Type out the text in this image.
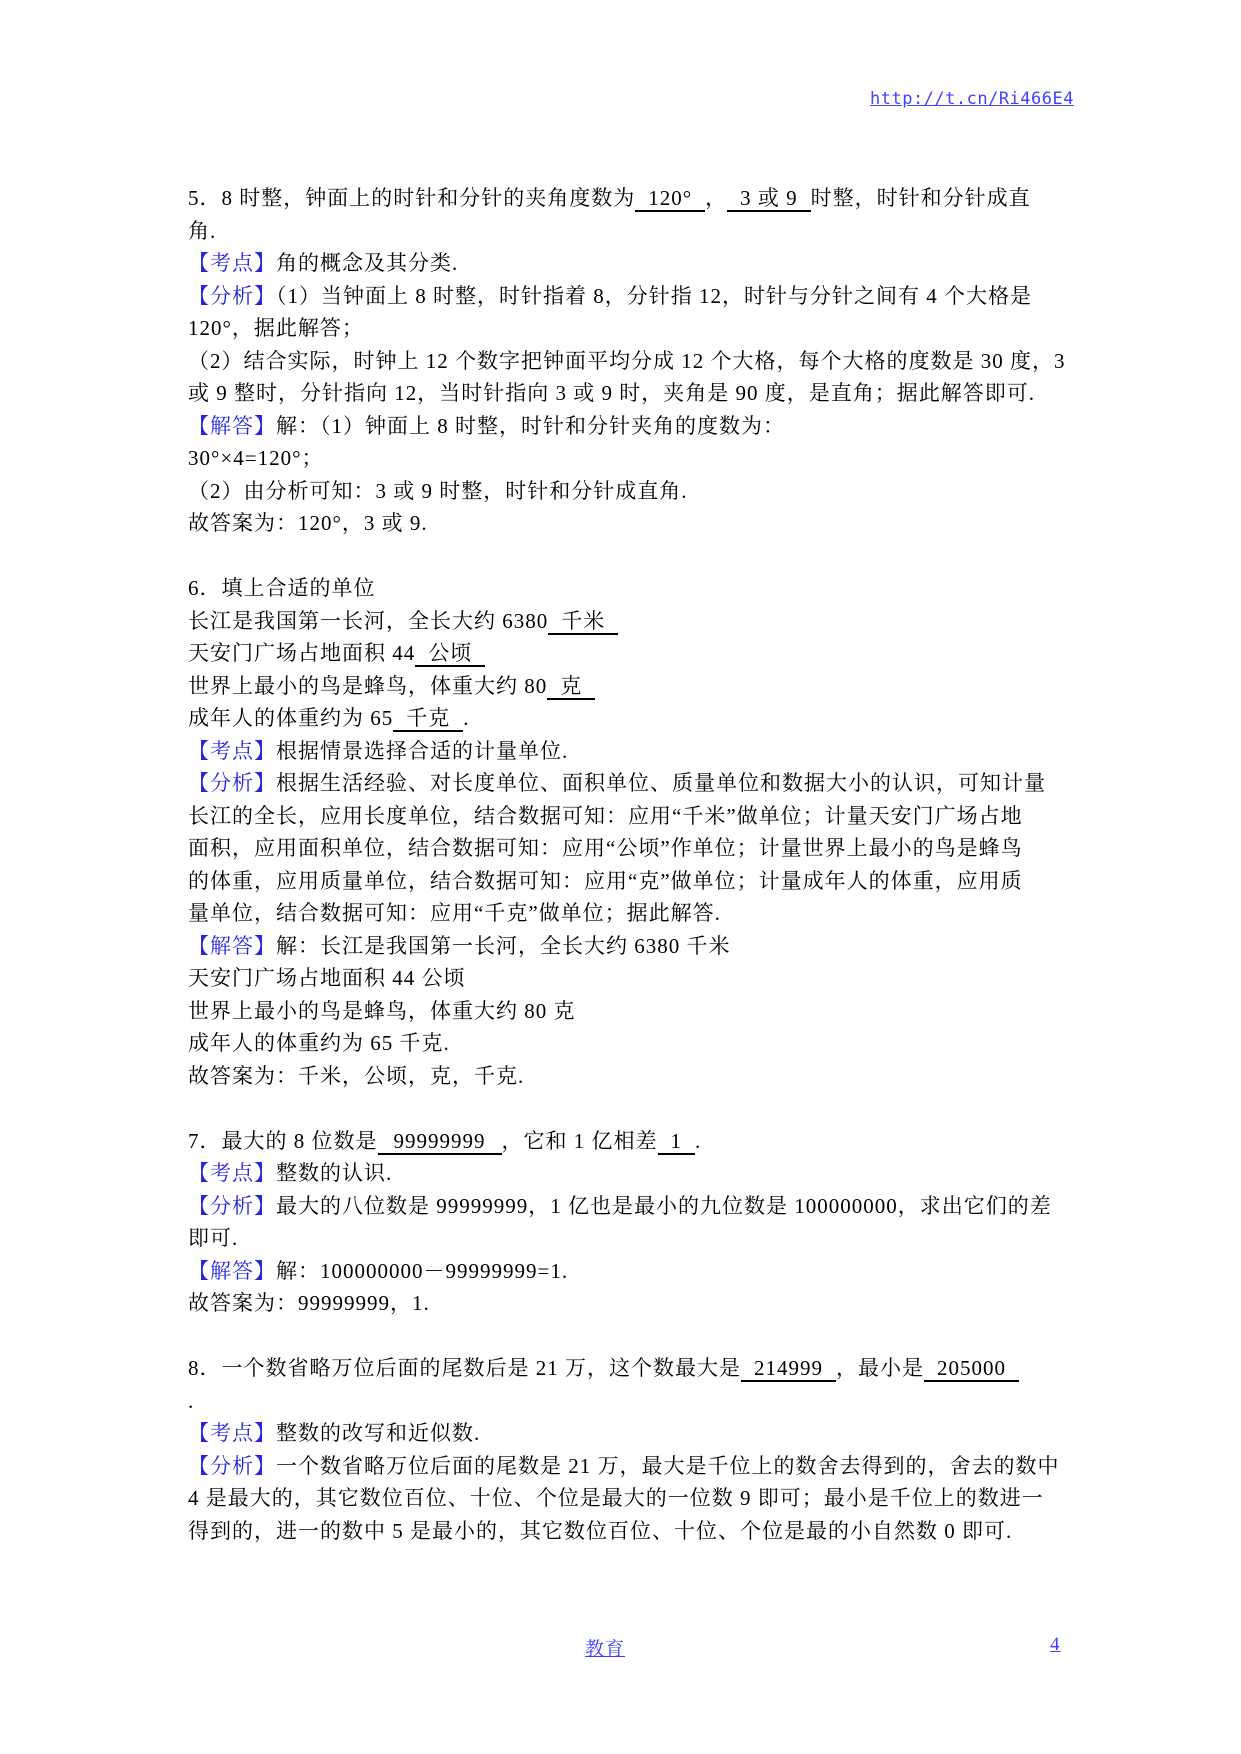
http://t.cn/Ri466E4
5．8 时整，钟面上的时针和分针的夹角度数为 120° ， 3 或 9 时整，时针和分针成直
角.
【考点】角的概念及其分类.
【分析】（1）当钟面上 8 时整，时针指着 8，分针指 12，时针与分针之间有 4 个大格是
120°，据此解答；
（2）结合实际，时钟上 12 个数字把钟面平均分成 12 个大格，每个大格的度数是 30 度，3
或 9 整时，分针指向 12，当时针指向 3 或 9 时，夹角是 90 度，是直角；据此解答即可.
【解答】解：（1）钟面上 8 时整，时针和分针夹角的度数为：
30°×4=120°；
（2）由分析可知：3 或 9 时整，时针和分针成直角.
故答案为：120°，3 或 9.
6．填上合适的单位
长江是我国第一长河，全长大约 6380 千米
天安门广场占地面积 44 公顷
世界上最小的鸟是蜂鸟，体重大约 80 克
成年人的体重约为 65 千克 .
【考点】根据情景选择合适的计量单位.
【分析】根据生活经验、对长度单位、面积单位、质量单位和数据大小的认识，可知计量
长江的全长，应用长度单位，结合数据可知：应用“千米”做单位；计量天安门广场占地
面积，应用面积单位，结合数据可知：应用“公顷”作单位；计量世界上最小的鸟是蜂鸟
的体重，应用质量单位，结合数据可知：应用“克”做单位；计量成年人的体重，应用质
量单位，结合数据可知：应用“千克”做单位；据此解答.
【解答】解：长江是我国第一长河，全长大约 6380 千米
天安门广场占地面积 44 公顷
世界上最小的鸟是蜂鸟，体重大约 80 克
成年人的体重约为 65 千克.
故答案为：千米，公顷，克，千克.
7．最大的 8 位数是 99999999 ，它和 1 亿相差 1 .
【考点】整数的认识.
【分析】最大的八位数是 99999999，1 亿也是最小的九位数是 100000000，求出它们的差
即可.
【解答】解：100000000－99999999=1.
故答案为：99999999，1.
8．一个数省略万位后面的尾数后是 21 万，这个数最大是 214999 ，最小是 205000
.
【考点】整数的改写和近似数.
【分析】一个数省略万位后面的尾数是 21 万，最大是千位上的数舍去得到的，舍去的数中
4 是最大的，其它数位百位、十位、个位是最大的一位数 9 即可；最小是千位上的数进一
得到的，进一的数中 5 是最小的，其它数位百位、十位、个位是最的小自然数 0 即可.
教育	4
